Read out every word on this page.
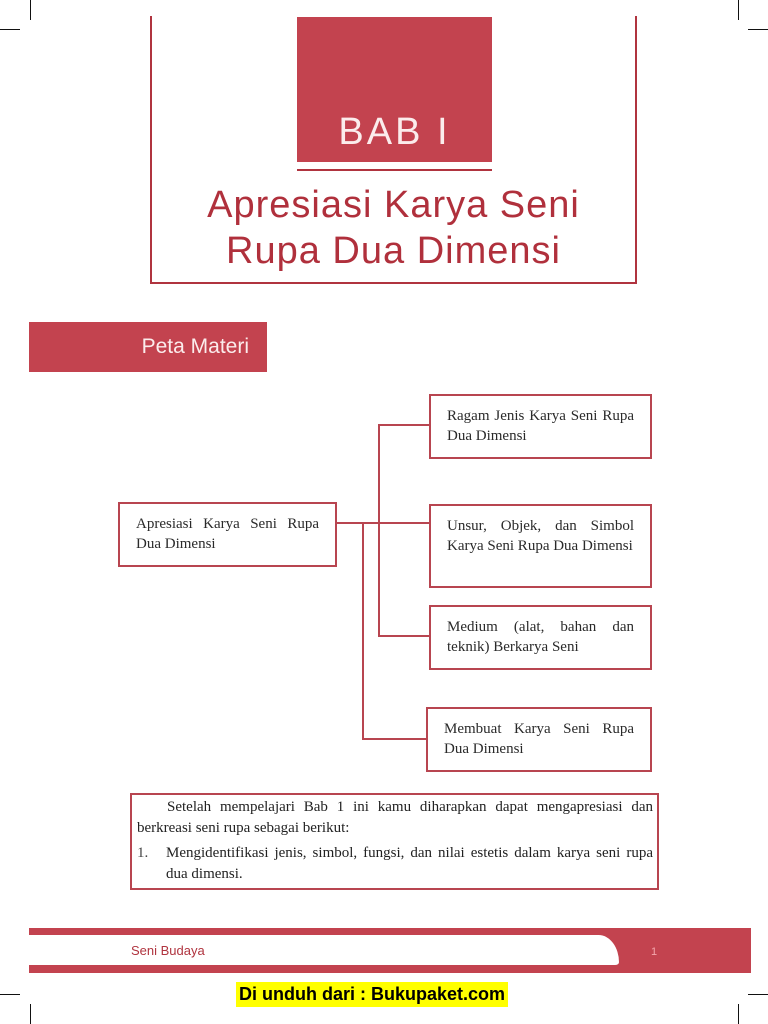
BAB I
Apresiasi Karya Seni
Rupa Dua Dimensi
Peta Materi
Apresiasi Karya Seni Rupa Dua Dimensi
Ragam Jenis Karya Seni Rupa Dua Dimensi
Unsur, Objek, dan Simbol Karya Seni Rupa Dua Dimensi
Medium (alat, bahan dan teknik) Berkarya Seni
Membuat Karya Seni Rupa Dua Dimensi

Setelah mempelajari Bab 1 ini kamu diharapkan dapat mengapresiasi dan berkreasi seni rupa sebagai berikut:

1.	Mengidentifikasi jenis, simbol, fungsi, dan nilai estetis dalam karya seni rupa dua dimensi.
Seni Budaya	1
Di unduh dari : Bukupaket.com
